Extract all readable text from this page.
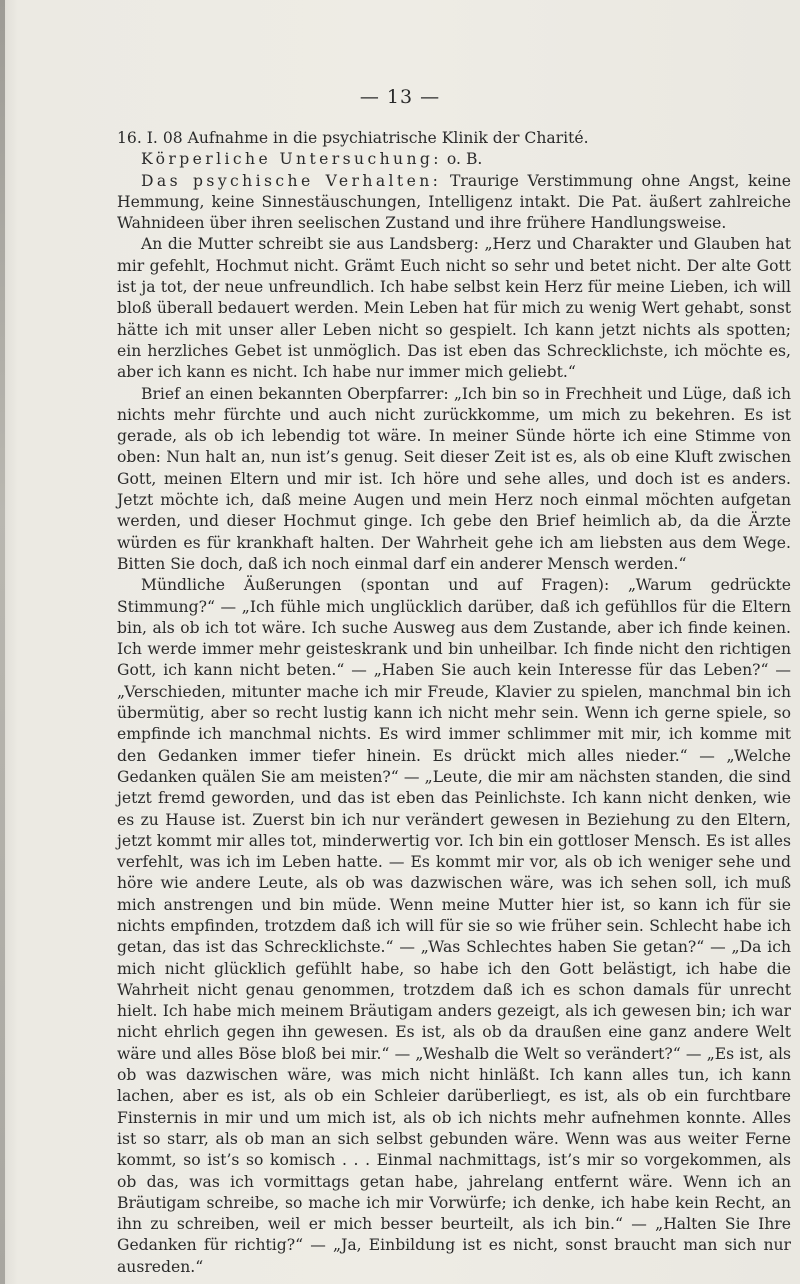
— 13 —

16. I. 08 Aufnahme in die psychiatrische Klinik der Charité.

Körperliche Untersuchung: o. B.

Das psychische Verhalten: Traurige Verstimmung ohne Angst, keine Hemmung, keine Sinnestäuschungen, Intelligenz intakt. Die Pat. äußert zahlreiche Wahnideen über ihren seelischen Zustand und ihre frühere Handlungsweise.

An die Mutter schreibt sie aus Landsberg: „Herz und Charakter und Glauben hat mir gefehlt, Hochmut nicht. Grämt Euch nicht so sehr und betet nicht. Der alte Gott ist ja tot, der neue unfreundlich. Ich habe selbst kein Herz für meine Lieben, ich will bloß überall bedauert werden. Mein Leben hat für mich zu wenig Wert gehabt, sonst hätte ich mit unser aller Leben nicht so gespielt. Ich kann jetzt nichts als spotten; ein herzliches Gebet ist unmöglich. Das ist eben das Schrecklichste, ich möchte es, aber ich kann es nicht. Ich habe nur immer mich geliebt.“

Brief an einen bekannten Oberpfarrer: „Ich bin so in Frechheit und Lüge, daß ich nichts mehr fürchte und auch nicht zurückkomme, um mich zu bekehren. Es ist gerade, als ob ich lebendig tot wäre. In meiner Sünde hörte ich eine Stimme von oben: Nun halt an, nun ist’s genug. Seit dieser Zeit ist es, als ob eine Kluft zwischen Gott, meinen Eltern und mir ist. Ich höre und sehe alles, und doch ist es anders. Jetzt möchte ich, daß meine Augen und mein Herz noch einmal möchten aufgetan werden, und dieser Hochmut ginge. Ich gebe den Brief heimlich ab, da die Ärzte würden es für krankhaft halten. Der Wahrheit gehe ich am liebsten aus dem Wege. Bitten Sie doch, daß ich noch einmal darf ein anderer Mensch werden.“

Mündliche Äußerungen (spontan und auf Fragen): „Warum gedrückte Stimmung?“ — „Ich fühle mich unglücklich darüber, daß ich gefühllos für die Eltern bin, als ob ich tot wäre. Ich suche Ausweg aus dem Zustande, aber ich finde keinen. Ich werde immer mehr geisteskrank und bin unheilbar. Ich finde nicht den richtigen Gott, ich kann nicht beten.“ — „Haben Sie auch kein Interesse für das Leben?“ — „Verschieden, mitunter mache ich mir Freude, Klavier zu spielen, manchmal bin ich übermütig, aber so recht lustig kann ich nicht mehr sein. Wenn ich gerne spiele, so empfinde ich manchmal nichts. Es wird immer schlimmer mit mir, ich komme mit den Gedanken immer tiefer hinein. Es drückt mich alles nieder.“ — „Welche Gedanken quälen Sie am meisten?“ — „Leute, die mir am nächsten standen, die sind jetzt fremd geworden, und das ist eben das Peinlichste. Ich kann nicht denken, wie es zu Hause ist. Zuerst bin ich nur verändert gewesen in Beziehung zu den Eltern, jetzt kommt mir alles tot, minderwertig vor. Ich bin ein gottloser Mensch. Es ist alles verfehlt, was ich im Leben hatte. — Es kommt mir vor, als ob ich weniger sehe und höre wie andere Leute, als ob was dazwischen wäre, was ich sehen soll, ich muß mich anstrengen und bin müde. Wenn meine Mutter hier ist, so kann ich für sie nichts empfinden, trotzdem daß ich will für sie so wie früher sein. Schlecht habe ich getan, das ist das Schrecklichste.“ — „Was Schlechtes haben Sie getan?“ — „Da ich mich nicht glücklich gefühlt habe, so habe ich den Gott belästigt, ich habe die Wahrheit nicht genau genommen, trotzdem daß ich es schon damals für unrecht hielt. Ich habe mich meinem Bräutigam anders gezeigt, als ich gewesen bin; ich war nicht ehrlich gegen ihn gewesen. Es ist, als ob da draußen eine ganz andere Welt wäre und alles Böse bloß bei mir.“ — „Weshalb die Welt so verändert?“ — „Es ist, als ob was dazwischen wäre, was mich nicht hinläßt. Ich kann alles tun, ich kann lachen, aber es ist, als ob ein Schleier darüberliegt, es ist, als ob ein furchtbare Finsternis in mir und um mich ist, als ob ich nichts mehr aufnehmen konnte. Alles ist so starr, als ob man an sich selbst gebunden wäre. Wenn was aus weiter Ferne kommt, so ist’s so komisch . . . Einmal nachmittags, ist’s mir so vorgekommen, als ob das, was ich vormittags getan habe, jahrelang entfernt wäre. Wenn ich an Bräutigam schreibe, so mache ich mir Vorwürfe; ich denke, ich habe kein Recht, an ihn zu schreiben, weil er mich besser beurteilt, als ich bin.“ — „Halten Sie Ihre Gedanken für richtig?“ — „Ja, Einbildung ist es nicht, sonst braucht man sich nur ausreden.“
